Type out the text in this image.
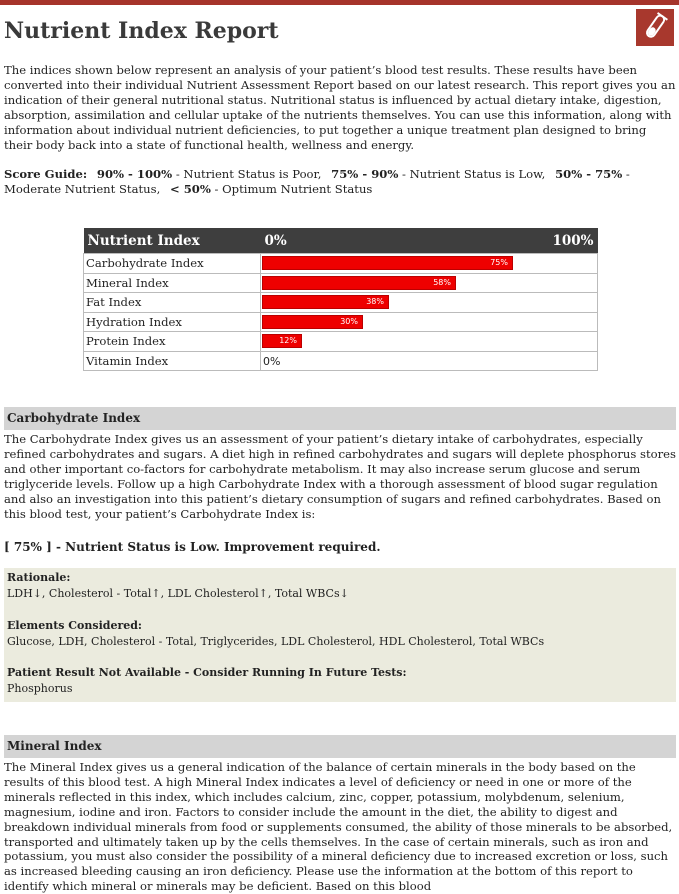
Nutrient Index Report

The indices shown below represent an analysis of your patient’s blood test results. These results have been converted into their individual Nutrient Assessment Report based on our latest research. This report gives you an indication of their general nutritional status. Nutritional status is influenced by actual dietary intake, digestion, absorption, assimilation and cellular uptake of the nutrients themselves. You can use this information, along with information about individual nutrient deficiencies, to put together a unique treatment plan designed to bring their body back into a state of functional health, wellness and energy.

Score Guide: 90% - 100% - Nutrient Status is Poor, 75% - 90% - Nutrient Status is Low, 50% - 75% - Moderate Nutrient Status, < 50% - Optimum Nutrient Status

Nutrient Index	0%	100%
Carbohydrate Index	75%	

Mineral Index	58%	

Fat Index	38%	

Hydration Index	30%	

Protein Index	12%	

Vitamin Index	0%	
Carbohydrate Index

The Carbohydrate Index gives us an assessment of your patient’s dietary intake of carbohydrates, especially refined carbohydrates and sugars. A diet high in refined carbohydrates and sugars will deplete phosphorus stores and other important co-factors for carbohydrate metabolism. It may also increase serum glucose and serum triglyceride levels. Follow up a high Carbohydrate Index with a thorough assessment of blood sugar regulation and also an investigation into this patient’s dietary consumption of sugars and refined carbohydrates. Based on this blood test, your patient’s Carbohydrate Index is:

[ 75% ] - Nutrient Status is Low. Improvement required.

Rationale:
LDH↓, Cholesterol - Total↑, LDL Cholesterol↑, Total WBCs↓
Elements Considered:
Glucose, LDH, Cholesterol - Total, Triglycerides, LDL Cholesterol, HDL Cholesterol, Total WBCs
Patient Result Not Available - Consider Running In Future Tests:
Phosphorus
Mineral Index

The Mineral Index gives us a general indication of the balance of certain minerals in the body based on the results of this blood test. A high Mineral Index indicates a level of deficiency or need in one or more of the minerals reflected in this index, which includes calcium, zinc, copper, potassium, molybdenum, selenium, magnesium, iodine and iron. Factors to consider include the amount in the diet, the ability to digest and breakdown individual minerals from food or supplements consumed, the ability of those minerals to be absorbed, transported and ultimately taken up by the cells themselves. In the case of certain minerals, such as iron and potassium, you must also consider the possibility of a mineral deficiency due to increased excretion or loss, such as increased bleeding causing an iron deficiency. Please use the information at the bottom of this report to identify which mineral or minerals may be deficient. Based on this blood
